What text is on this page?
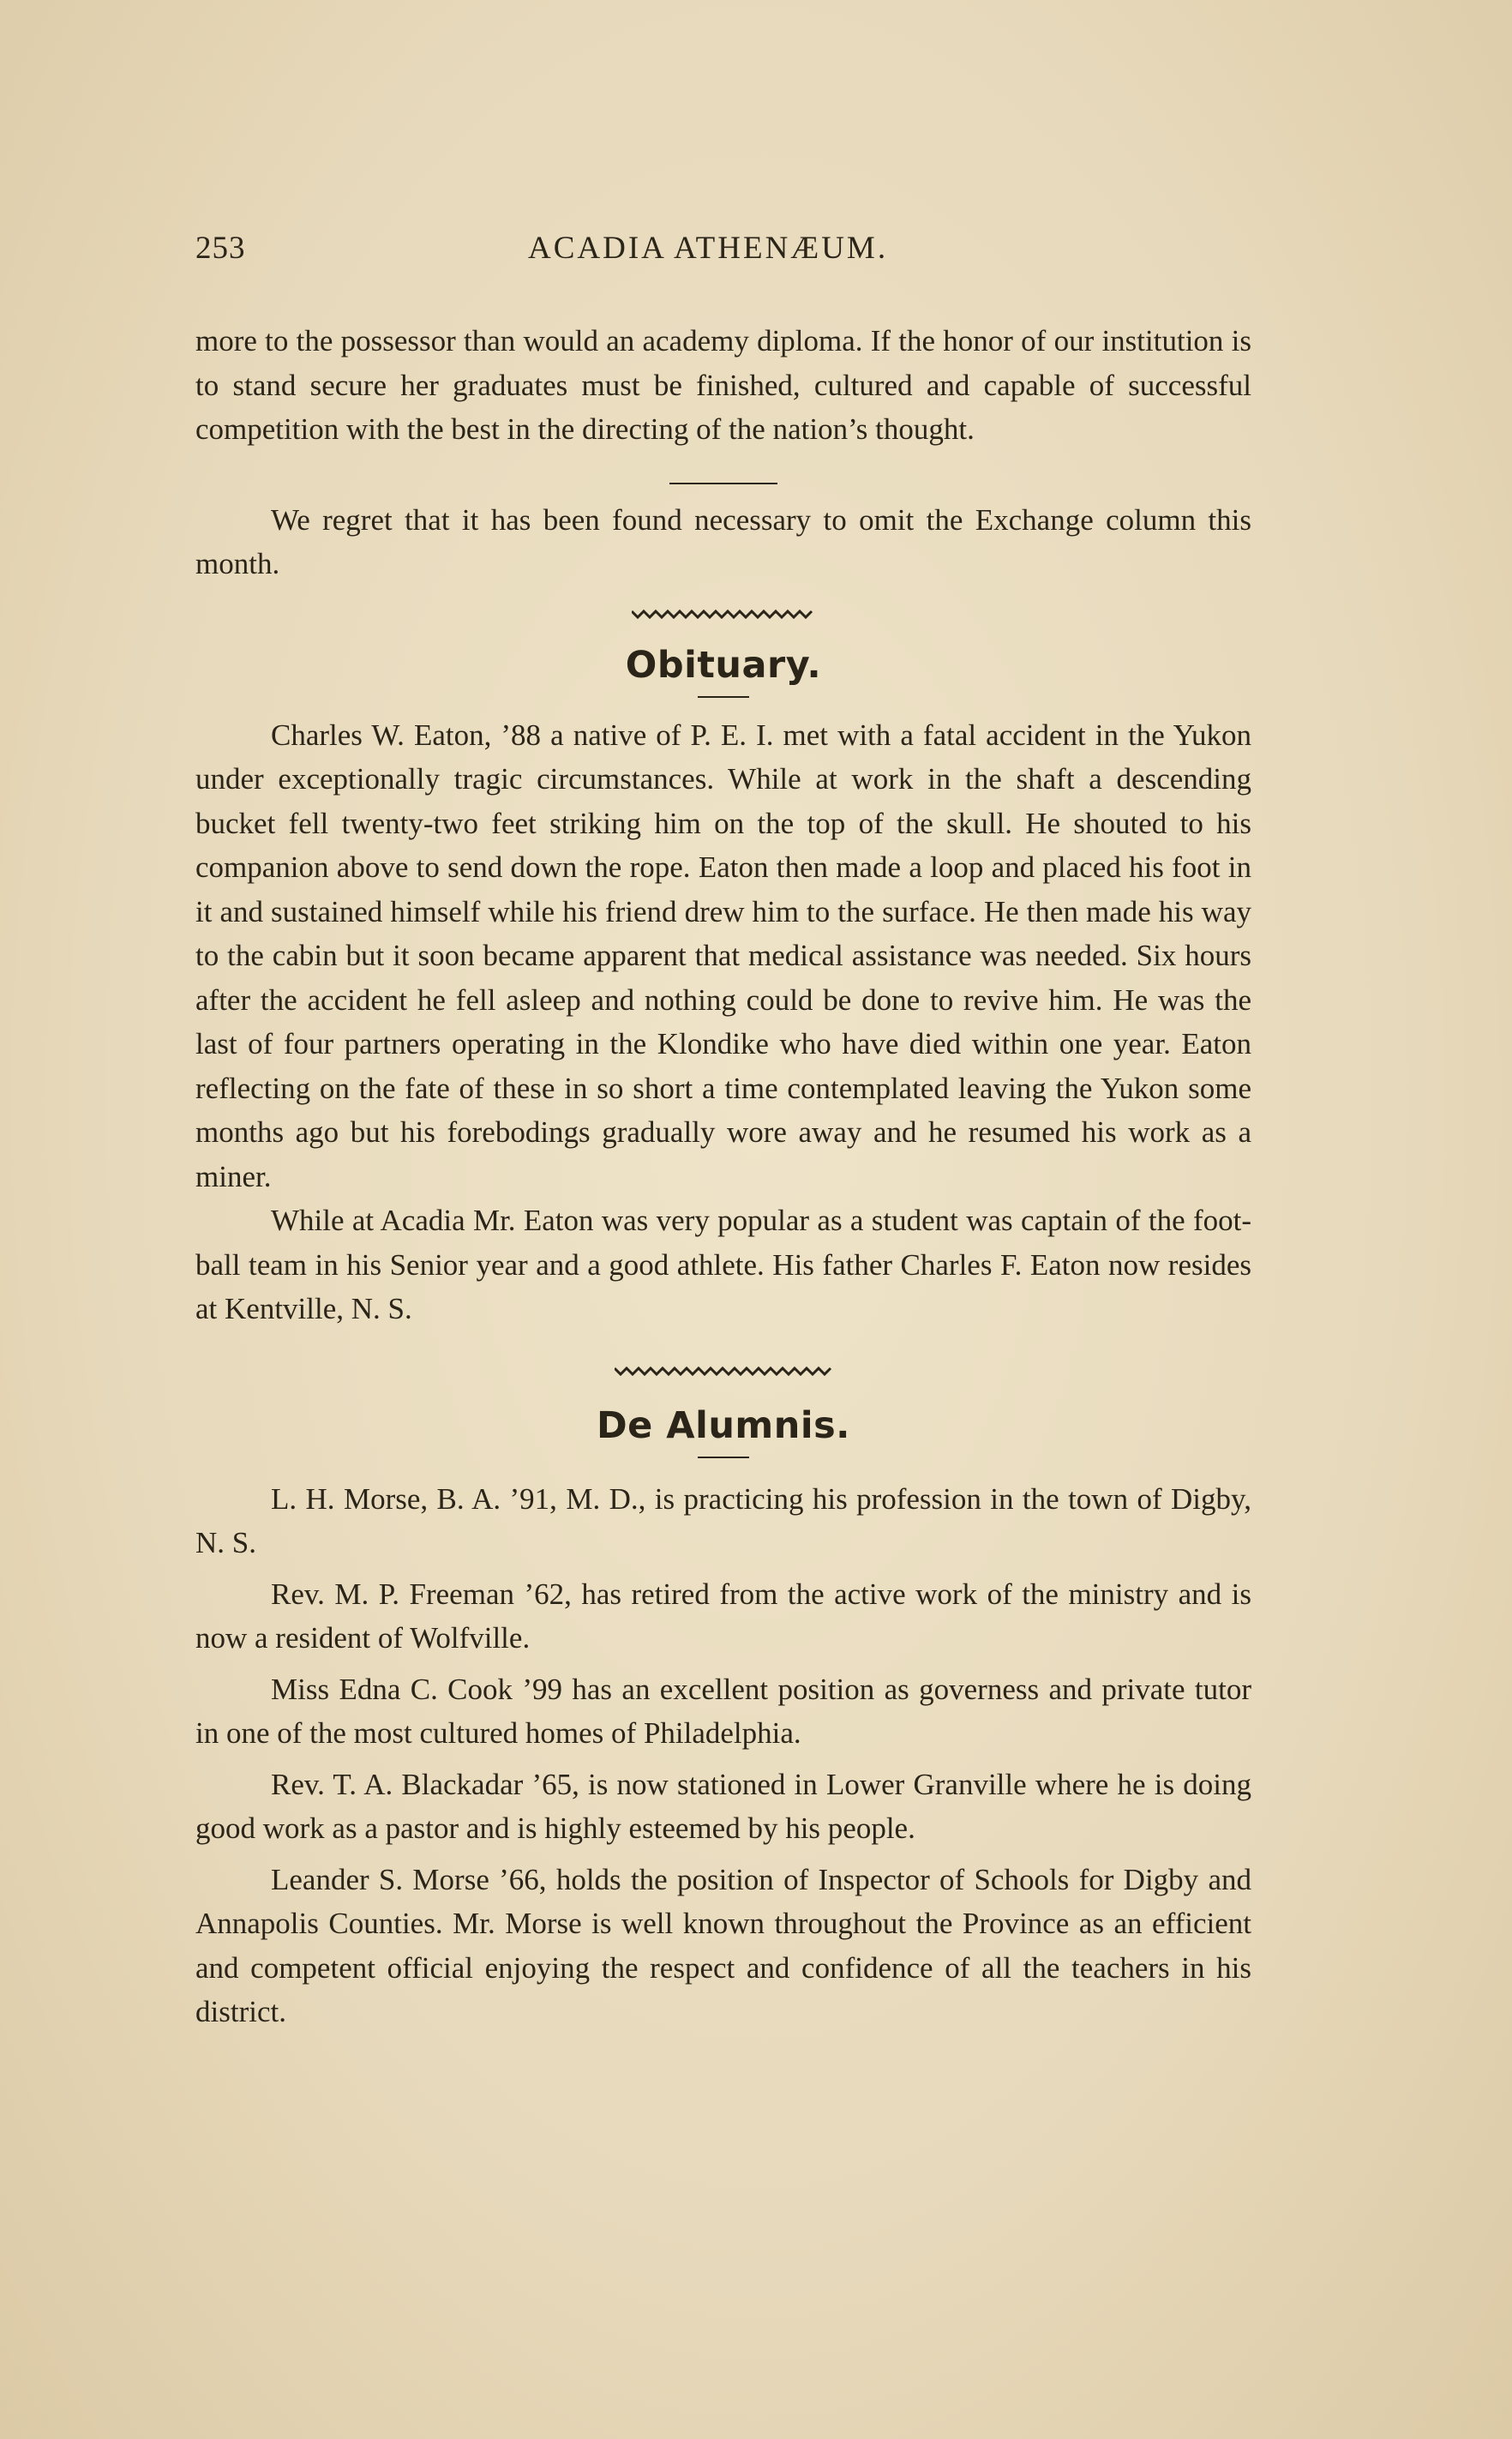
253	ACADIA ATHENÆUM.

more to the possessor than would an academy diploma. If the honor of our institution is to stand secure her graduates must be finished, cultured and capable of successful competition with the best in the directing of the nation’s thought.

We regret that it has been found necessary to omit the Exchange column this month.

Obituary.

Charles W. Eaton, ’88 a native of P. E. I. met with a fatal accident in the Yukon under exceptionally tragic circumstances. While at work in the shaft a descending bucket fell twenty-two feet striking him on the top of the skull. He shouted to his companion above to send down the rope. Eaton then made a loop and placed his foot in it and sustained himself while his friend drew him to the surface. He then made his way to the cabin but it soon became apparent that medical assistance was needed. Six hours after the accident he fell asleep and nothing could be done to revive him. He was the last of four partners operating in the Klondike who have died within one year. Eaton reflecting on the fate of these in so short a time contemplated leaving the Yukon some months ago but his forebodings gradually wore away and he resumed his work as a miner.

While at Acadia Mr. Eaton was very popular as a student was captain of the foot-ball team in his Senior year and a good athlete. His father Charles F. Eaton now resides at Kentville, N. S.

De Alumnis.

L. H. Morse, B. A. ’91, M. D., is practicing his profession in the town of Digby, N. S.

Rev. M. P. Freeman ’62, has retired from the active work of the ministry and is now a resident of Wolfville.

Miss Edna C. Cook ’99 has an excellent position as governess and private tutor in one of the most cultured homes of Philadelphia.

Rev. T. A. Blackadar ’65, is now stationed in Lower Granville where he is doing good work as a pastor and is highly esteemed by his people.

Leander S. Morse ’66, holds the position of Inspector of Schools for Digby and Annapolis Counties. Mr. Morse is well known throughout the Province as an efficient and competent official enjoying the respect and confidence of all the teachers in his district.
